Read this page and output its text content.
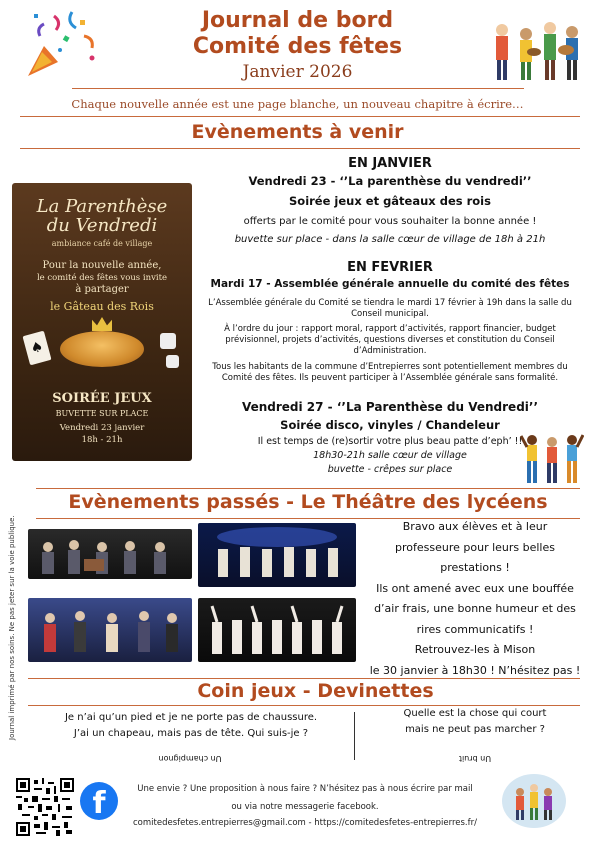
Journal de bord
Comité des fêtes
Janvier 2026
Chaque nouvelle année est une page blanche, un nouveau chapitre à écrire…
Evènements à venir
La Parenthèse
du Vendredi
ambiance café de village
Pour la nouvelle année,
le comité des fêtes vous invite
à partager
le Gâteau des Rois
♠
SOIRÉE JEUX
BUVETTE SUR PLACE
Vendredi 23 janvier
18h - 21h
EN JANVIER
Vendredi 23 - ‘’La parenthèse du vendredi’’
Soirée jeux et gâteaux des rois
offerts par le comité pour vous souhaiter la bonne année !
buvette sur place - dans la salle cœur de village de 18h à 21h
EN FEVRIER
Mardi 17 - Assemblée générale annuelle du comité des fêtes
L’Assemblée générale du Comité se tiendra le mardi 17 février à 19h dans la salle du Conseil municipal.
À l’ordre du jour : rapport moral, rapport d’activités, rapport financier, budget prévisionnel, projets d’activités, questions diverses et constitution du Conseil d’Administration.
Tous les habitants de la commune d’Entrepierres sont potentiellement membres du Comité des fêtes. Ils peuvent participer à l’Assemblée générale sans formalité.
Vendredi 27 - ‘’La Parenthèse du Vendredi’’
Soirée disco, vinyles / Chandeleur
Il est temps de (re)sortir votre plus beau patte d’eph’ !!
18h30-21h salle cœur de village
buvette - crêpes sur place
Evènements passés - Le Théâtre des lycéens
Bravo aux élèves et à leur
professeure pour leurs belles
prestations !
Ils ont amené avec eux une bouffée
d’air frais, une bonne humeur et des
rires communicatifs !
Retrouvez-les à Mison
le 30 janvier à 18h30 ! N’hésitez pas !
Coin jeux - Devinettes
Je n’ai qu’un pied et je ne porte pas de chaussure.
J’ai un chapeau, mais pas de tête. Qui suis-je ?
Un champignon
Quelle est la chose qui court
mais ne peut pas marcher ?
Un bruit
Journal imprimé par nos soins. Ne pas jeter sur la voie publique.
f	Une envie ? Une proposition à nous faire ? N’hésitez pas à nous écrire par mail
ou via notre messagerie facebook.
comitedesfetes.entrepierres@gmail.com - https://comitedesfetes-entrepierres.fr/
